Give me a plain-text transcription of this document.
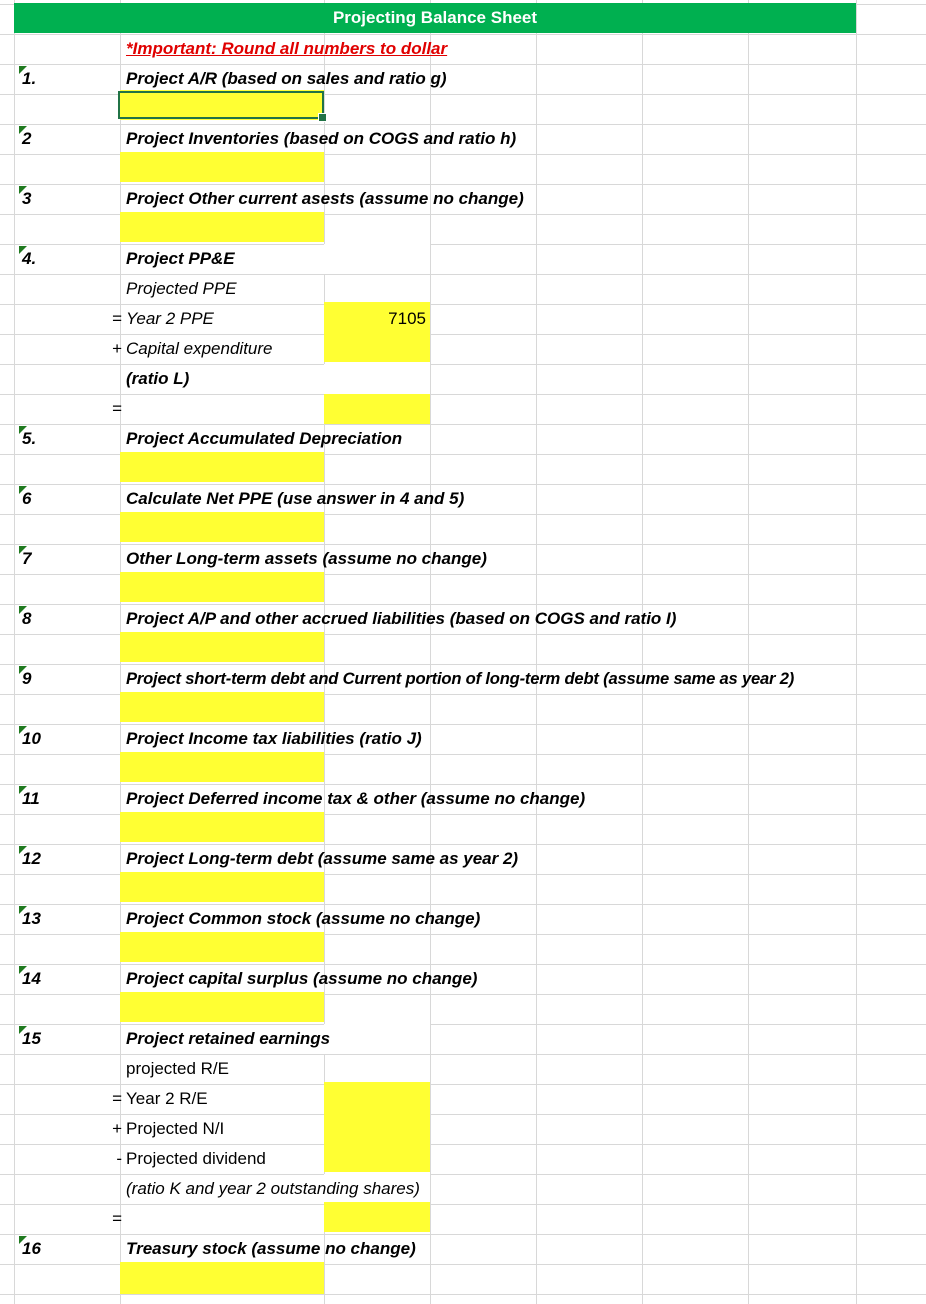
Projecting Balance Sheet
*Important: Round all numbers to dollar
1.	Project A/R (based on sales and ratio g)
2	Project Inventories (based on COGS and ratio h)
3	Project Other current asests (assume no change)
4.	Project PP&E
Projected PPE
= Year 2 PPE	7105
+ Capital expenditure
(ratio L)
=
5.	Project Accumulated Depreciation
6	Calculate Net PPE (use answer in 4 and 5)
7	Other Long-term assets (assume no change)
8	Project A/P and other accrued liabilities (based on COGS and ratio I)
9	Project short-term debt and Current portion of long-term debt (assume same as year 2)
10	Project Income tax liabilities (ratio J)
11	Project Deferred income tax & other (assume no change)
12	Project Long-term debt (assume same as year 2)
13	Project Common stock (assume no change)
14	Project capital surplus (assume no change)
15	Project retained earnings
projected R/E
= Year 2 R/E
+ Projected N/I
- Projected dividend
(ratio K and year 2 outstanding shares)
=
16	Treasury stock (assume no change)
